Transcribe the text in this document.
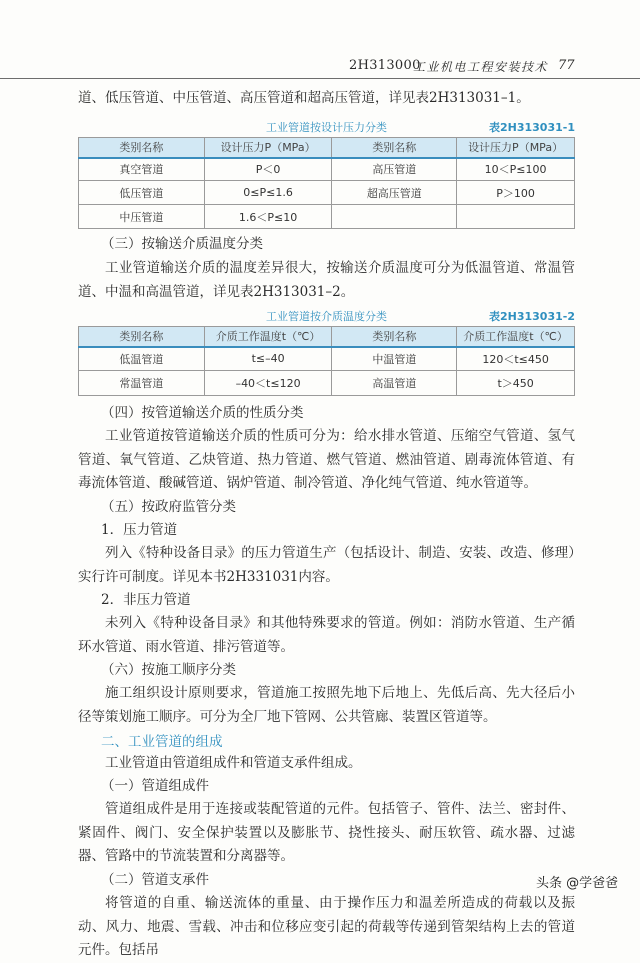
2H313000
工业机电工程安装技术 77

道、低压管道、中压管道、高压管道和超高压管道，详见表2H313031–1。

工业管道按设计压力分类	表2H313031-1
类别名称	设计压力P（MPa）	类别名称	设计压力P（MPa）
真空管道	P＜0	高压管道	10＜P≤100
低压管道	0≤P≤1.6	超高压管道	P＞100
中压管道	1.6＜P≤10		
（三）按输送介质温度分类

工业管道输送介质的温度差异很大，按输送介质温度可分为低温管道、常温管道、中温和高温管道，详见表2H313031–2。

工业管道按介质温度分类	表2H313031-2
类别名称	介质工作温度t（℃）	类别名称	介质工作温度t（℃）
低温管道	t≤–40	中温管道	120＜t≤450
常温管道	–40＜t≤120	高温管道	t＞450
（四）按管道输送介质的性质分类

工业管道按管道输送介质的性质可分为：给水排水管道、压缩空气管道、氢气管道、氧气管道、乙炔管道、热力管道、燃气管道、燃油管道、剧毒流体管道、有毒流体管道、酸碱管道、锅炉管道、制冷管道、净化纯气管道、纯水管道等。

（五）按政府监管分类
1．压力管道

列入《特种设备目录》的压力管道生产（包括设计、制造、安装、改造、修理）实行许可制度。详见本书2H331031内容。

2．非压力管道

未列入《特种设备目录》和其他特殊要求的管道。例如：消防水管道、生产循环水管道、雨水管道、排污管道等。

（六）按施工顺序分类

施工组织设计原则要求，管道施工按照先地下后地上、先低后高、先大径后小径等策划施工顺序。可分为全厂地下管网、公共管廊、装置区管道等。

二、工业管道的组成

工业管道由管道组成件和管道支承件组成。

（一）管道组成件

管道组成件是用于连接或装配管道的元件。包括管子、管件、法兰、密封件、紧固件、阀门、安全保护装置以及膨胀节、挠性接头、耐压软管、疏水器、过滤器、管路中的节流装置和分离器等。

（二）管道支承件

将管道的自重、输送流体的重量、由于操作压力和温差所造成的荷载以及振动、风力、地震、雪载、冲击和位移应变引起的荷载等传递到管架结构上去的管道元件。包括吊

头条 @学爸爸
